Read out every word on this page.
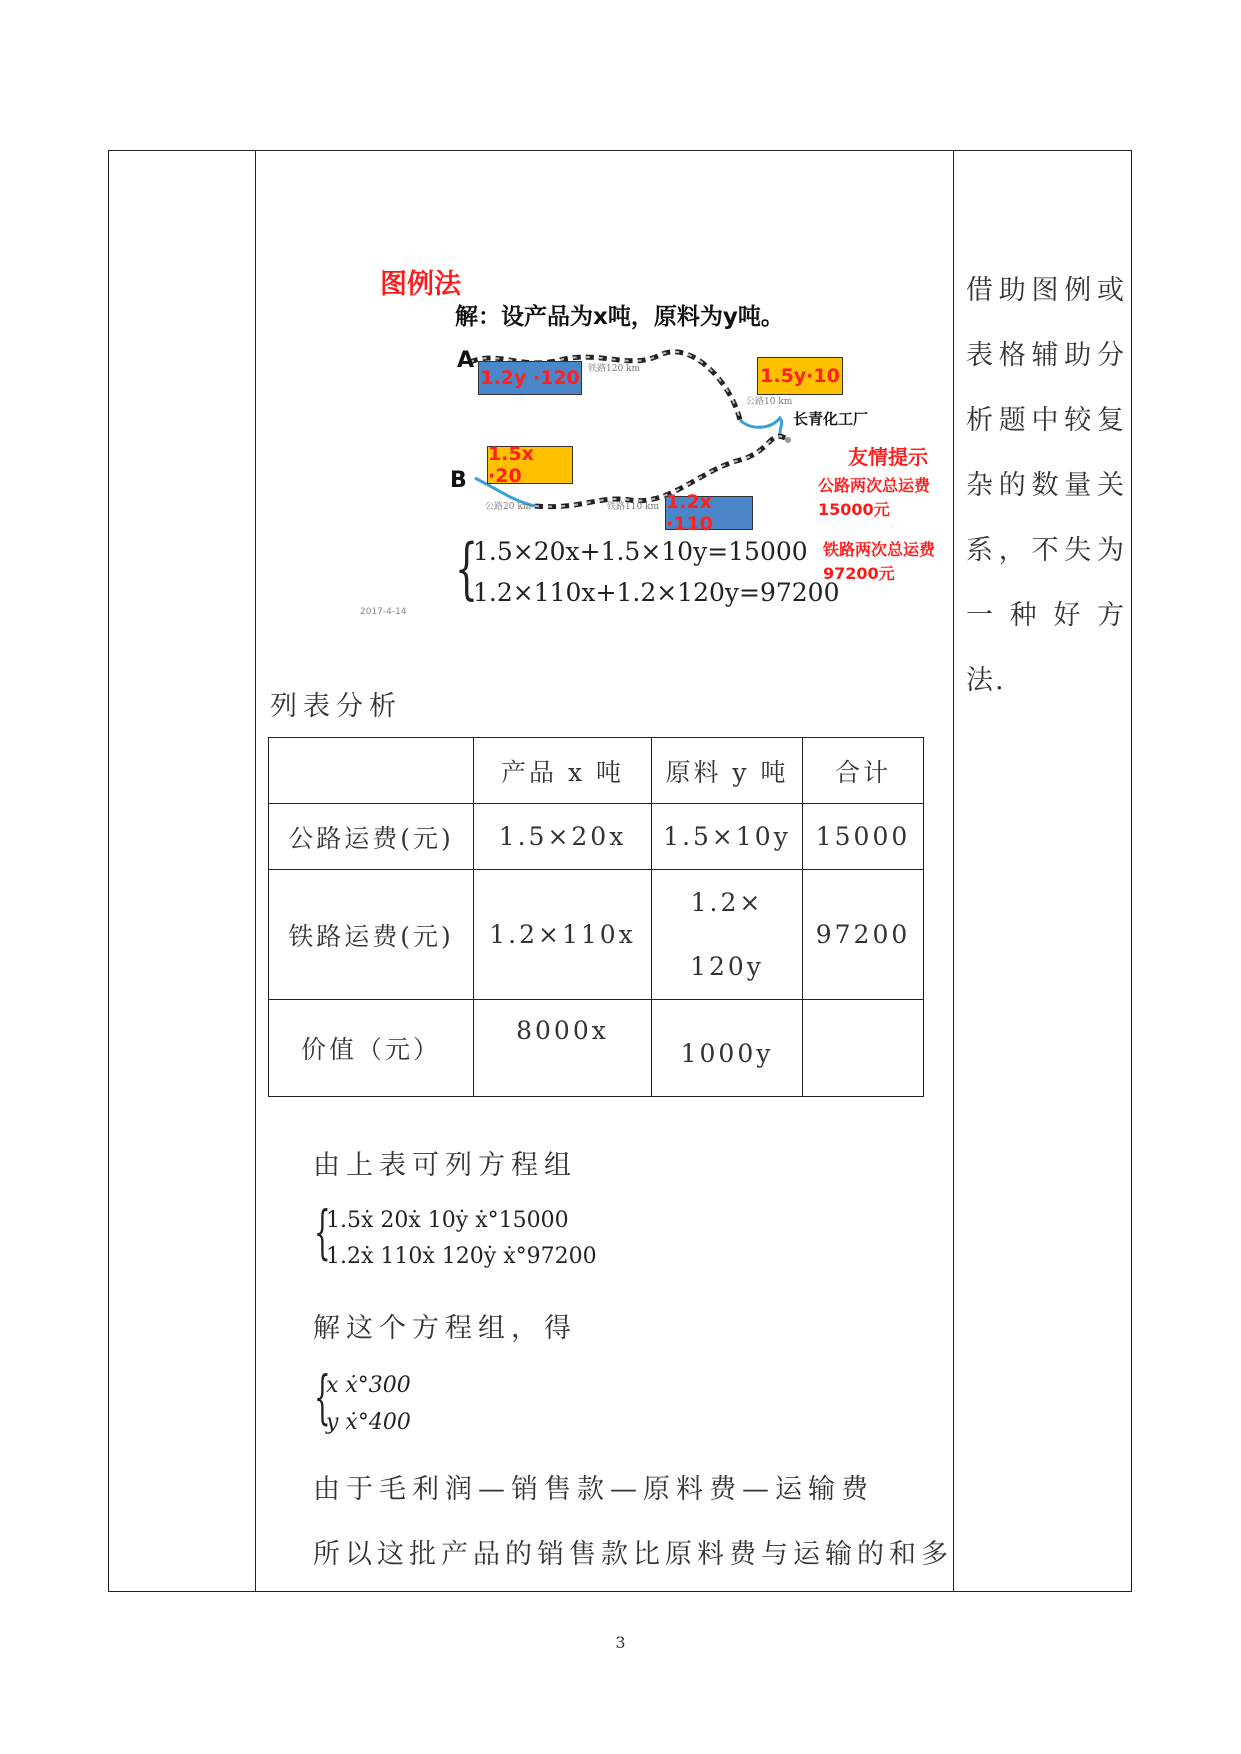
图例法
解：设产品为x吨，原料为y吨。
A
B
1.2y ·120	1.5y·10
1.5x ·20
1.2x ·110
铁路120 km
公路10 km
公路20 km	铁路110 km
长青化工厂
友情提示
公路两次总运费
15000元
铁路两次总运费
97200元
{
1.5×20x+1.5×10y=15000
1.2×110x+1.2×120y=97200
2017-4-14
列表分析
	产品 x 吨	原料 y 吨	合计
公路运费(元)	1.5×20x	1.5×10y	15000
铁路运费(元)	1.2×110x	1.2×
120y	97200
价值（元）	8000x	1000y	
由上表可列方程组
{
1.5ẋ 20ẋ 10ẏ ẋ°15000
1.2ẋ 110ẋ 120ẏ ẋ°97200
解这个方程组，得
{
x ẋ°300
y ẋ°400
由于毛利润—销售款—原料费—运输费
所以这批产品的销售款比原料费与运输的和多
借助图例或
表格辅助分
析题中较复
杂的数量关
系，不失为
一种好方
法.
3
